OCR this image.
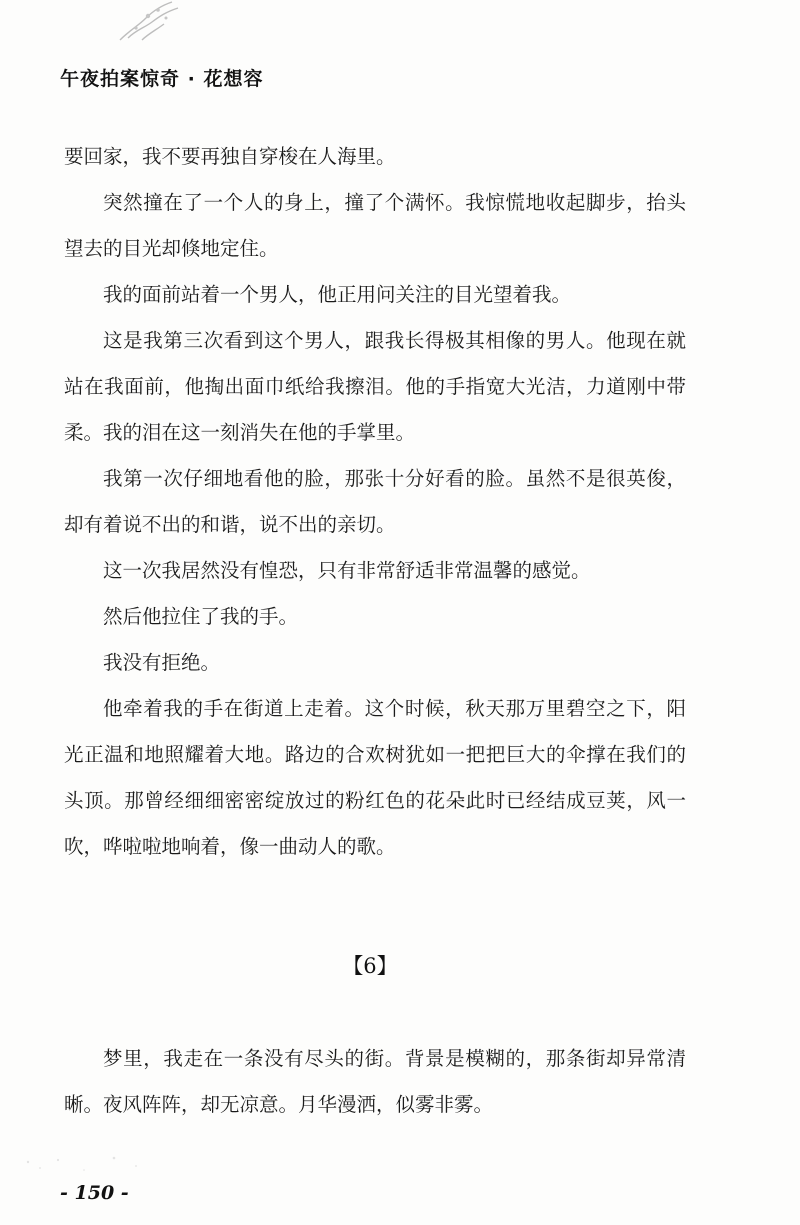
午夜拍案惊奇 · 花想容

要回家，我不要再独自穿梭在人海里。

突然撞在了一个人的身上，撞了个满怀。我惊慌地收起脚步，抬头望去的目光却倏地定住。

我的面前站着一个男人，他正用问关注的目光望着我。

这是我第三次看到这个男人，跟我长得极其相像的男人。他现在就站在我面前，他掏出面巾纸给我擦泪。他的手指宽大光洁，力道刚中带柔。我的泪在这一刻消失在他的手掌里。

我第一次仔细地看他的脸，那张十分好看的脸。虽然不是很英俊，却有着说不出的和谐，说不出的亲切。

这一次我居然没有惶恐，只有非常舒适非常温馨的感觉。

然后他拉住了我的手。

我没有拒绝。

他牵着我的手在街道上走着。这个时候，秋天那万里碧空之下，阳光正温和地照耀着大地。路边的合欢树犹如一把把巨大的伞撑在我们的头顶。那曾经细细密密绽放过的粉红色的花朵此时已经结成豆荚，风一吹，哗啦啦地响着，像一曲动人的歌。

【6】

梦里，我走在一条没有尽头的街。背景是模糊的，那条街却异常清晰。夜风阵阵，却无凉意。月华漫洒，似雾非雾。

- 150 -
